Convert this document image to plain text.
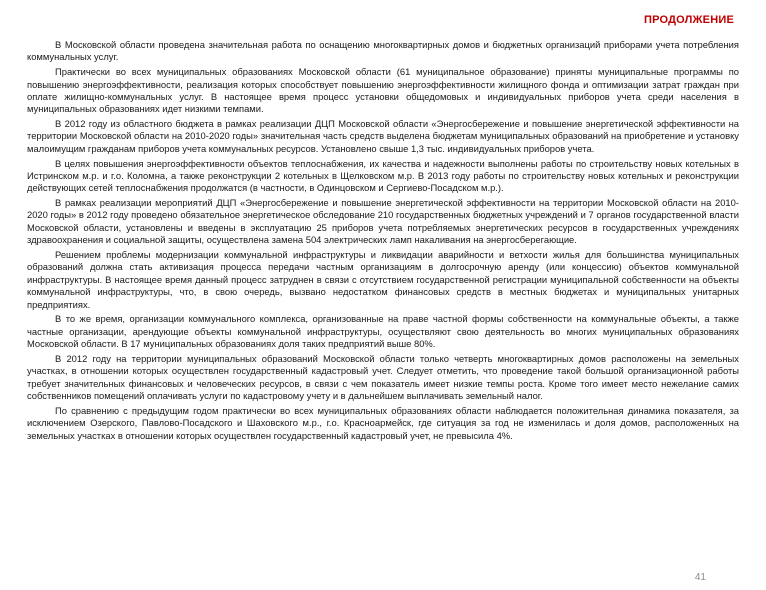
ПРОДОЛЖЕНИЕ

В Московской области проведена значительная работа по оснащению многоквартирных домов и бюджетных организаций приборами учета потребления коммунальных услуг.

Практически во всех муниципальных образованиях Московской области (61 муниципальное образование) приняты муниципальные программы по повышению энергоэффективности, реализация которых способствует повышению энергоэффективности жилищного фонда и оптимизации затрат граждан при оплате жилищно-коммунальных услуг. В настоящее время процесс установки общедомовых и индивидуальных приборов учета среди населения в муниципальных образованиях идет низкими темпами.

В 2012 году из областного бюджета в рамках реализации ДЦП Московской области «Энергосбережение и повышение энергетической эффективности на территории Московской области на 2010-2020 годы» значительная часть средств выделена бюджетам муниципальных образований на приобретение и установку малоимущим гражданам приборов учета коммунальных ресурсов. Установлено свыше 1,3 тыс. индивидуальных приборов учета.

В целях повышения энергоэффективности объектов теплоснабжения, их качества и надежности выполнены работы по строительству новых котельных в Истринском м.р. и г.о. Коломна, а также реконструкции 2 котельных в Щелковском м.р. В 2013 году работы по строительству новых котельных и реконструкции действующих сетей теплоснабжения продолжатся (в частности, в Одинцовском и Сергиево-Посадском м.р.).

В рамках реализации мероприятий ДЦП «Энергосбережение и повышение энергетической эффективности на территории Московской области на 2010-2020 годы» в 2012 году проведено обязательное энергетическое обследование 210 государственных бюджетных учреждений и 7 органов государственной власти Московской области, установлены и введены в эксплуатацию 25 приборов учета потребляемых энергетических ресурсов в государственных учреждениях здравоохранения и социальной защиты, осуществлена замена 504 электрических ламп накаливания на энергосберегающие.

Решением проблемы модернизации коммунальной инфраструктуры и ликвидации аварийности и ветхости жилья для большинства муниципальных образований должна стать активизация процесса передачи частным организациям в долгосрочную аренду (или концессию) объектов коммунальной инфраструктуры. В настоящее время данный процесс затруднен в связи с отсутствием государственной регистрации муниципальной собственности на объекты коммунальной инфраструктуры, что, в свою очередь, вызвано недостатком финансовых средств в местных бюджетах и муниципальных унитарных предприятиях.

В то же время, организации коммунального комплекса, организованные на праве частной формы собственности на коммунальные объекты, а также частные организации, арендующие объекты коммунальной инфраструктуры, осуществляют свою деятельность во многих муниципальных образованиях Московской области. В 17 муниципальных образованиях доля таких предприятий выше 80%.

В 2012 году на территории муниципальных образований Московской области только четверть многоквартирных домов расположены на земельных участках, в отношении которых осуществлен государственный кадастровый учет. Следует отметить, что проведение такой большой организационной работы требует значительных финансовых и человеческих ресурсов, в связи с чем показатель имеет низкие темпы роста. Кроме того имеет место нежелание самих собственников помещений оплачивать услуги по кадастровому учету и в дальнейшем выплачивать земельный налог.

По сравнению с предыдущим годом практически во всех муниципальных образованиях области наблюдается положительная динамика показателя, за исключением Озерского, Павлово-Посадского и Шаховского м.р., г.о. Красноармейск, где ситуация за год не изменилась и доля домов, расположенных на земельных участках в отношении которых осуществлен государственный кадастровый учет, не превысила 4%.

41
